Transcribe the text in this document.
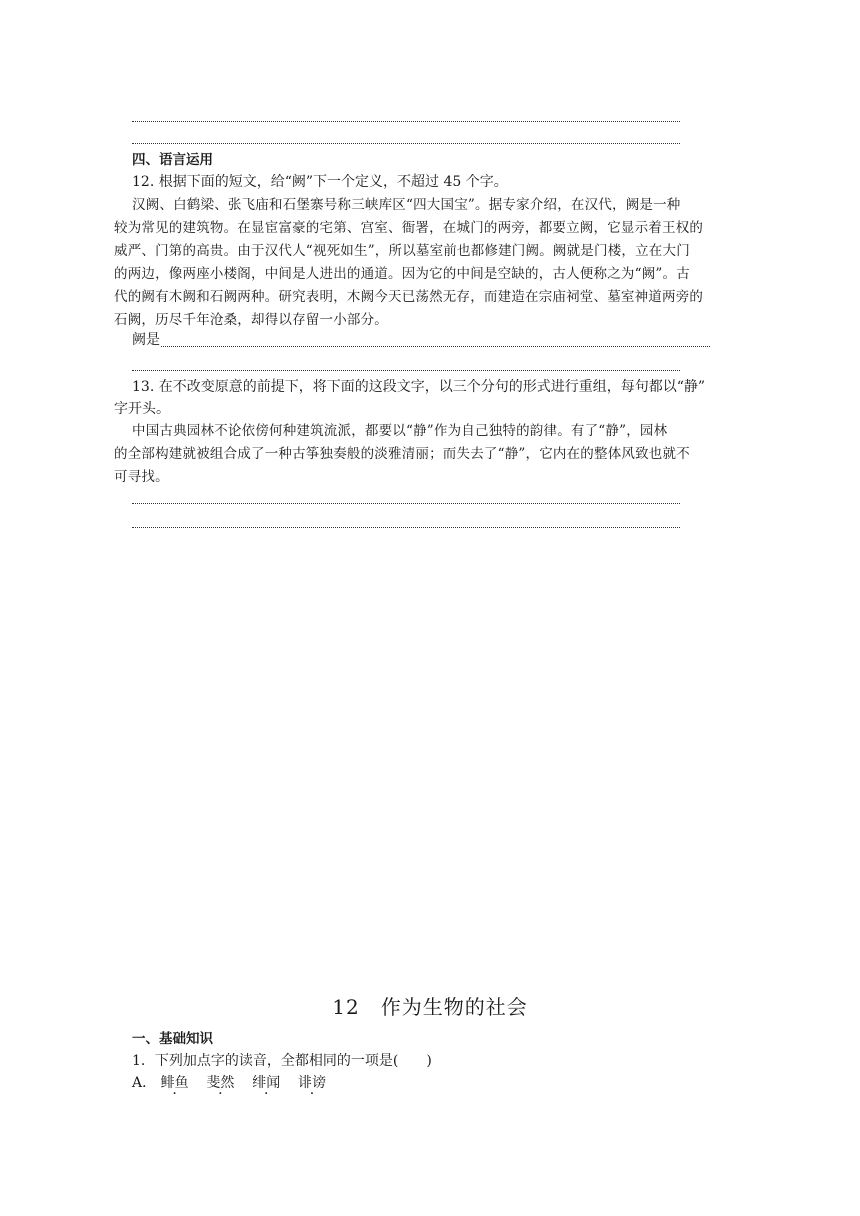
四、语言运用
12. 根据下面的短文，给“阙”下一个定义，不超过 45 个字。
汉阙、白鹤梁、张飞庙和石堡寨号称三峡库区“四大国宝”。据专家介绍，在汉代，阙是一种
较为常见的建筑物。在显宦富豪的宅第、宫室、衙署，在城门的两旁，都要立阙，它显示着王权的
威严、门第的高贵。由于汉代人“视死如生”，所以墓室前也都修建门阙。阙就是门楼，立在大门
的两边，像两座小楼阁，中间是人进出的通道。因为它的中间是空缺的，古人便称之为“阙”。古
代的阙有木阙和石阙两种。研究表明，木阙今天已荡然无存，而建造在宗庙祠堂、墓室神道两旁的
石阙，历尽千年沧桑，却得以存留一小部分。
阙是
13. 在不改变原意的前提下，将下面的这段文字，以三个分句的形式进行重组，每句都以“静”
字开头。
中国古典园林不论依傍何种建筑流派，都要以“静”作为自己独特的韵律。有了“静”，园林
的全部构建就被组合成了一种古筝独奏般的淡雅清丽；而失去了“静”，它内在的整体风致也就不
可寻找。
12　作为生物的社会
一、基础知识
1．下列加点字的读音，全都相同的一项是(　　)
A． 鲱鱼 斐然 绯闻 诽谤
